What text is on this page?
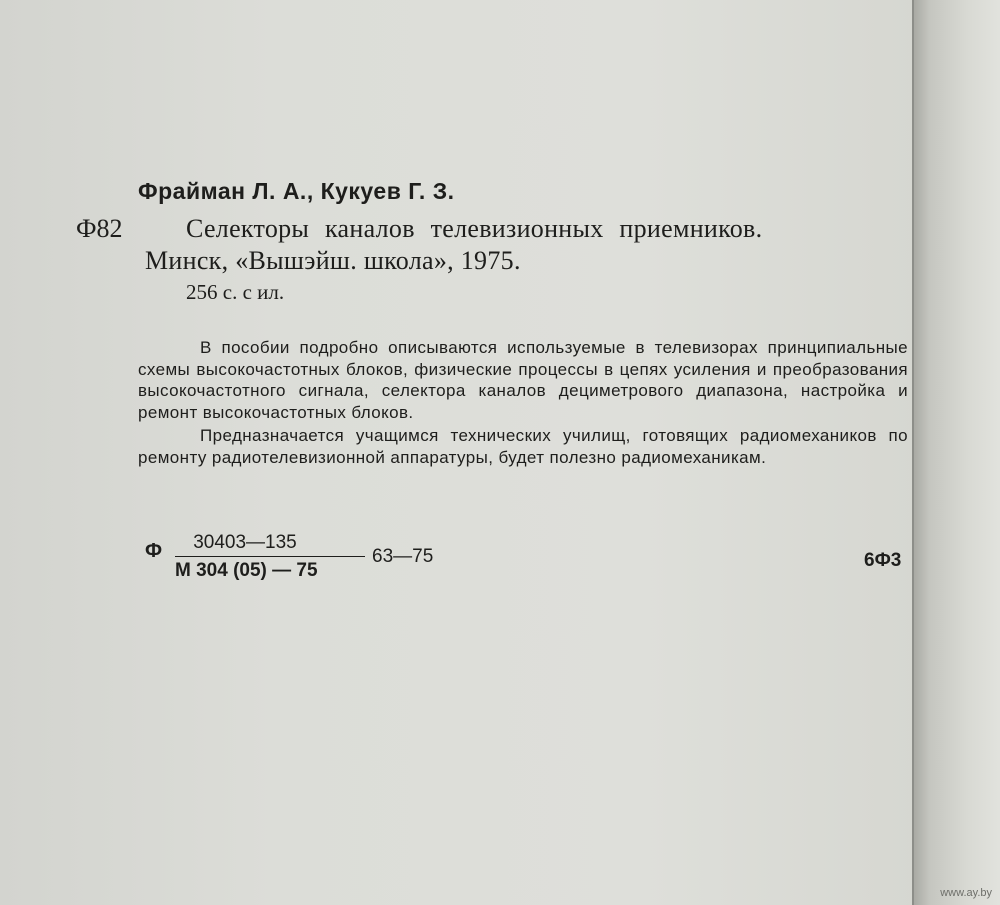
Фрайман Л. А., Кукуев Г. З.
Ф82 Селекторы каналов телевизионных приемников.
Минск, «Вышэйш. школа», 1975.
256 с. с ил.

В пособии подробно описываются используемые в телевизорах принципиальные схемы высокочастотных блоков, физические процессы в цепях усиления и преобразования высокочастотного сигнала, селектора каналов дециметрового диапазона, настройка и ремонт высокочастотных блоков.

Предназначается учащимся технических училищ, готовящих радиомехаников по ремонту радиотелевизионной аппаратуры, будет полезно радиомеханикам.

Ф	30403—135
М 304 (05) — 75
63—75	6Ф3
www.ay.by
